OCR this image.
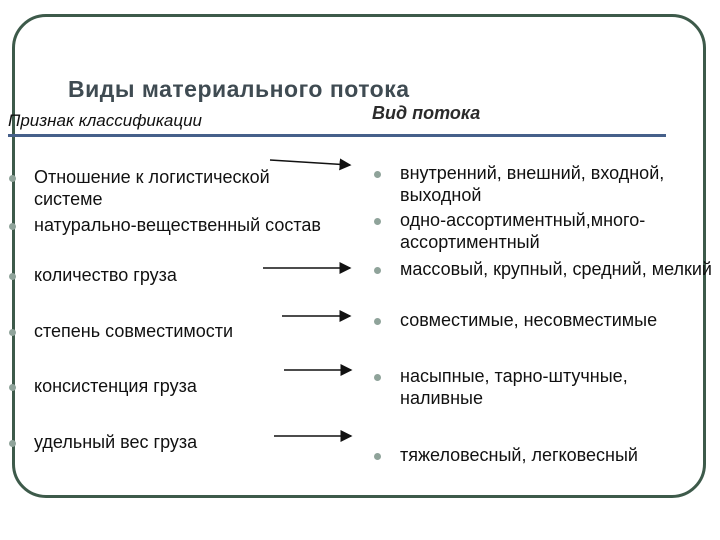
Виды материального потока
Признак классификации	Вид потока
Отношение к логистической системе
натурально-вещественный состав
количество груза
степень совместимости
консистенция груза
удельный вес груза
внутренний, внешний, входной, выходной
одно-ассортиментный,много-ассортиментный
массовый, крупный, средний, мелкий
совместимые, несовместимые
насыпные, тарно-штучные, наливные
тяжеловесный, легковесный
